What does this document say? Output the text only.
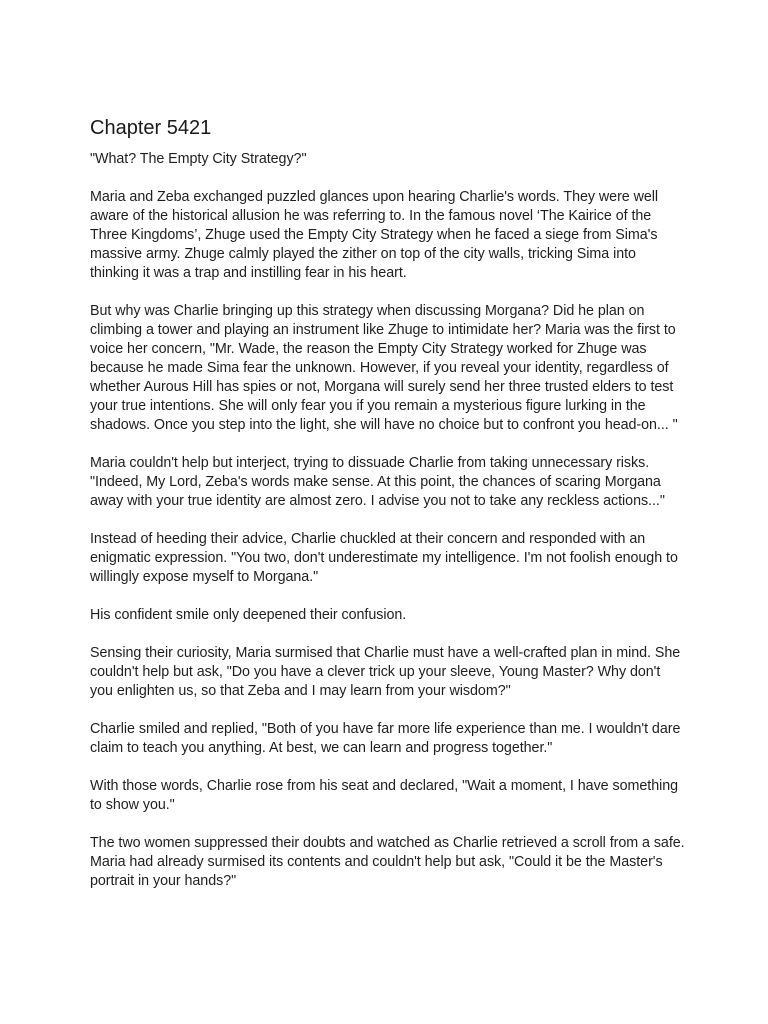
Chapter 5421

"What? The Empty City Strategy?"

Maria and Zeba exchanged puzzled glances upon hearing Charlie's words. They were well aware of the historical allusion he was referring to. In the famous novel ‘The Kairice of the Three Kingdoms’, Zhuge used the Empty City Strategy when he faced a siege from Sima's massive army. Zhuge calmly played the zither on top of the city walls, tricking Sima into thinking it was a trap and instilling fear in his heart.

But why was Charlie bringing up this strategy when discussing Morgana? Did he plan on climbing a tower and playing an instrument like Zhuge to intimidate her? Maria was the first to voice her concern, "Mr. Wade, the reason the Empty City Strategy worked for Zhuge was because he made Sima fear the unknown. However, if you reveal your identity, regardless of whether Aurous Hill has spies or not, Morgana will surely send her three trusted elders to test your true intentions. She will only fear you if you remain a mysterious figure lurking in the shadows. Once you step into the light, she will have no choice but to confront you head-on... "

Maria couldn't help but interject, trying to dissuade Charlie from taking unnecessary risks. "Indeed, My Lord, Zeba's words make sense. At this point, the chances of scaring Morgana away with your true identity are almost zero. I advise you not to take any reckless actions..."

Instead of heeding their advice, Charlie chuckled at their concern and responded with an enigmatic expression. "You two, don't underestimate my intelligence. I'm not foolish enough to willingly expose myself to Morgana."

His confident smile only deepened their confusion.

Sensing their curiosity, Maria surmised that Charlie must have a well-crafted plan in mind. She couldn't help but ask, "Do you have a clever trick up your sleeve, Young Master? Why don't you enlighten us, so that Zeba and I may learn from your wisdom?"

Charlie smiled and replied, "Both of you have far more life experience than me. I wouldn't dare claim to teach you anything. At best, we can learn and progress together."

With those words, Charlie rose from his seat and declared, "Wait a moment, I have something to show you."

The two women suppressed their doubts and watched as Charlie retrieved a scroll from a safe. Maria had already surmised its contents and couldn't help but ask, "Could it be the Master's portrait in your hands?"
